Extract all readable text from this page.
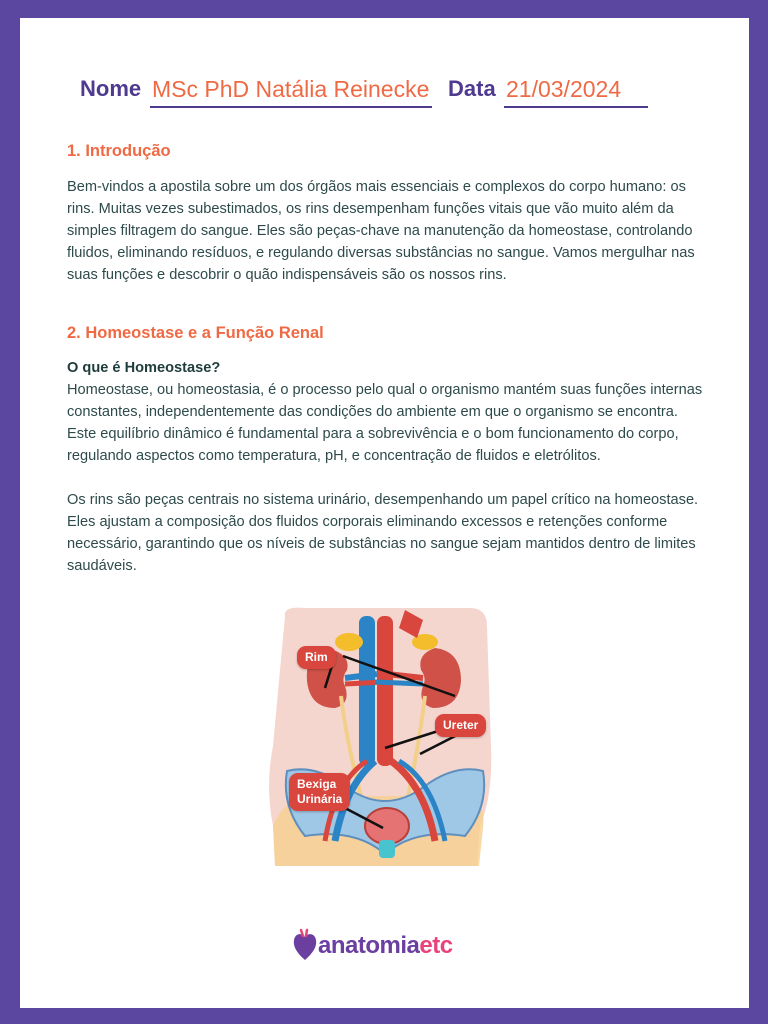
Nome MSc PhD Natália Reinecke Data 21/03/2024
1. Introdução

Bem-vindos a apostila sobre um dos órgãos mais essenciais e complexos do corpo humano: os rins. Muitas vezes subestimados, os rins desempenham funções vitais que vão muito além da simples filtragem do sangue. Eles são peças-chave na manutenção da homeostase, controlando fluidos, eliminando resíduos, e regulando diversas substâncias no sangue. Vamos mergulhar nas suas funções e descobrir o quão indispensáveis são os nossos rins.

2. Homeostase e a Função Renal

O que é Homeostase?

Homeostase, ou homeostasia, é o processo pelo qual o organismo mantém suas funções internas constantes, independentemente das condições do ambiente em que o organismo se encontra. Este equilíbrio dinâmico é fundamental para a sobrevivência e o bom funcionamento do corpo, regulando aspectos como temperatura, pH, e concentração de fluidos e eletrólitos.

Os rins são peças centrais no sistema urinário, desempenhando um papel crítico na homeostase. Eles ajustam a composição dos fluidos corporais eliminando excessos e retenções conforme necessário, garantindo que os níveis de substâncias no sangue sejam mantidos dentro de limites saudáveis.

Rim
Ureter
Bexiga
Urinária
anatomiaetc
